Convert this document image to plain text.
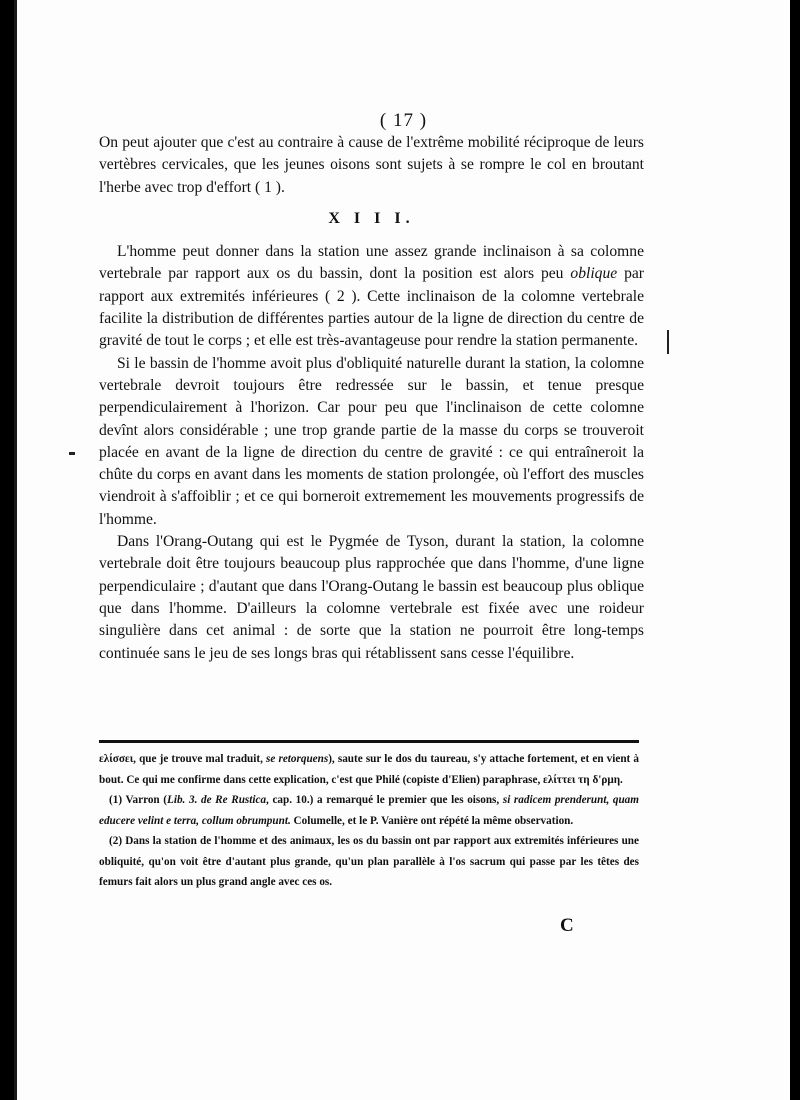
( 17 )

On peut ajouter que c'est au contraire à cause de l'extrême mobilité réciproque de leurs vertèbres cervicales, que les jeunes oisons sont sujets à se rompre le col en broutant l'herbe avec trop d'effort ( 1 ).

X I I I.

L'homme peut donner dans la station une assez grande inclinaison à sa colomne vertebrale par rapport aux os du bassin, dont la position est alors peu oblique par rapport aux extremités inférieures ( 2 ). Cette inclinaison de la colomne vertebrale facilite la distribution de différentes parties autour de la ligne de direction du centre de gravité de tout le corps ; et elle est très-avantageuse pour rendre la station permanente.

Si le bassin de l'homme avoit plus d'obliquité naturelle durant la station, la colomne vertebrale devroit toujours être redressée sur le bassin, et tenue presque perpendiculairement à l'horizon. Car pour peu que l'inclinaison de cette colomne devînt alors considérable ; une trop grande partie de la masse du corps se trouveroit placée en avant de la ligne de direction du centre de gravité : ce qui entraîneroit la chûte du corps en avant dans les moments de station prolongée, où l'effort des muscles viendroit à s'affoiblir ; et ce qui borneroit extremement les mouvements progressifs de l'homme.

Dans l'Orang-Outang qui est le Pygmée de Tyson, durant la station, la colomne vertebrale doit être toujours beaucoup plus rapprochée que dans l'homme, d'une ligne perpendiculaire ; d'autant que dans l'Orang-Outang le bassin est beaucoup plus oblique que dans l'homme. D'ailleurs la colomne vertebrale est fixée avec une roideur singulière dans cet animal : de sorte que la station ne pourroit être long-temps continuée sans le jeu de ses longs bras qui rétablissent sans cesse l'équilibre.

ελίσσει, que je trouve mal traduit, se retorquens), saute sur le dos du taureau, s'y attache fortement, et en vient à bout. Ce qui me confirme dans cette explication, c'est que Philé (copiste d'Elien) paraphrase, ελίττει τη δ'ρμη.

(1) Varron (Lib. 3. de Re Rustica, cap. 10.) a remarqué le premier que les oisons, si radicem prenderunt, quam educere velint e terra, collum obrumpunt. Columelle, et le P. Vanière ont répété la même observation.

(2) Dans la station de l'homme et des animaux, les os du bassin ont par rapport aux extremités inférieures une obliquité, qu'on voit être d'autant plus grande, qu'un plan parallèle à l'os sacrum qui passe par les têtes des femurs fait alors un plus grand angle avec ces os.

C
